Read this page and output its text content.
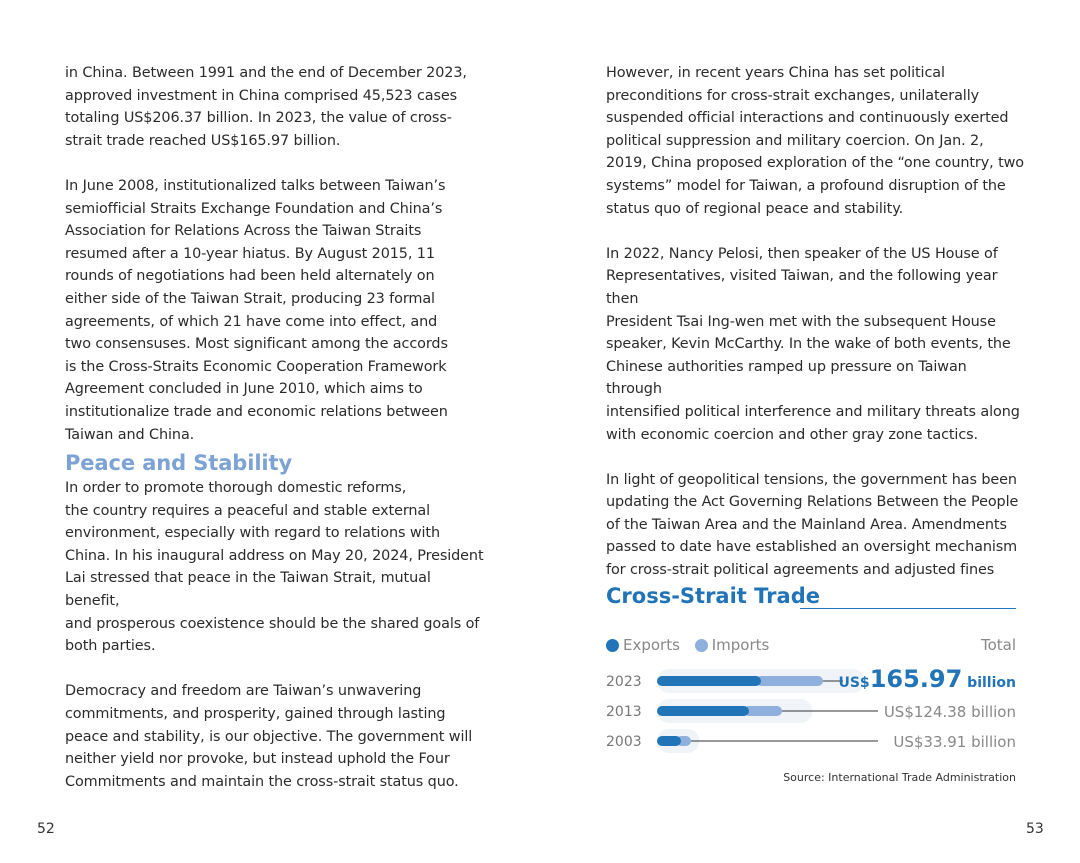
in China. Between 1991 and the end of December 2023,
approved investment in China comprised 45,523 cases
totaling US$206.37 billion. In 2023, the value of cross-
strait trade reached US$165.97 billion.

In June 2008, institutionalized talks between Taiwan’s
semiofficial Straits Exchange Foundation and China’s
Association for Relations Across the Taiwan Straits
resumed after a 10-year hiatus. By August 2015, 11
rounds of negotiations had been held alternately on
either side of the Taiwan Strait, producing 23 formal
agreements, of which 21 have come into effect, and
two consensuses. Most significant among the accords
is the Cross-Straits Economic Cooperation Framework
Agreement concluded in June 2010, which aims to
institutionalize trade and economic relations between
Taiwan and China.

Peace and Stability

In order to promote thorough domestic reforms,
the country requires a peaceful and stable external
environment, especially with regard to relations with
China. In his inaugural address on May 20, 2024, President
Lai stressed that peace in the Taiwan Strait, mutual benefit,
and prosperous coexistence should be the shared goals of
both parties.

Democracy and freedom are Taiwan’s unwavering
commitments, and prosperity, gained through lasting
peace and stability, is our objective. The government will
neither yield nor provoke, but instead uphold the Four
Commitments and maintain the cross-strait status quo.

However, in recent years China has set political
preconditions for cross-strait exchanges, unilaterally
suspended official interactions and continuously exerted
political suppression and military coercion. On Jan. 2,
2019, China proposed exploration of the “one country, two
systems” model for Taiwan, a profound disruption of the
status quo of regional peace and stability.

In 2022, Nancy Pelosi, then speaker of the US House of
Representatives, visited Taiwan, and the following year then
President Tsai Ing-wen met with the subsequent House
speaker, Kevin McCarthy. In the wake of both events, the
Chinese authorities ramped up pressure on Taiwan through
intensified political interference and military threats along
with economic coercion and other gray zone tactics.

In light of geopolitical tensions, the government has been
updating the Act Governing Relations Between the People
of the Taiwan Area and the Mainland Area. Amendments
passed to date have established an oversight mechanism
for cross-strait political agreements and adjusted fines

Cross-Strait Trade
Exports
Imports	Total
2023	US$165.97 billion
2013	US$124.38 billion
2003	US$33.91 billion
Source: International Trade Administration
52	53
